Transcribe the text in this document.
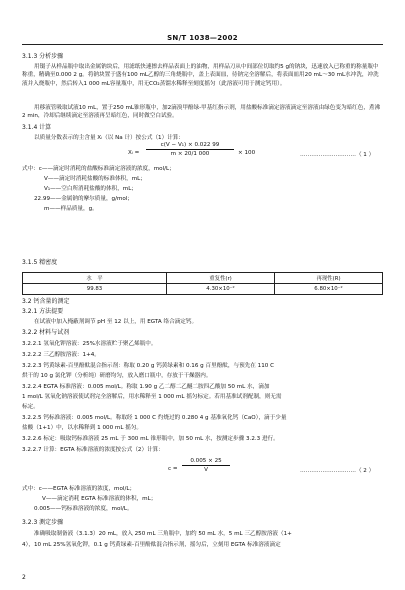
SN/T 1038—2002
3.1.3 分析步骤
用镊子从样品瓶中取出金属钠块后，用滤纸快速擦去样品表面上的油物，用样品刀从中间部位切取约5 g的钠块，迅速放入已称重的称量瓶中称重，精确至0.000 2 g。将钠块置于盛有100 mL乙醇的三角烧瓶中，盖上表面皿，待钠完全溶解后，将表面皿用20 mL～30 mL水冲洗，冲洗液并入烧瓶中，然后转入1 000 mL容量瓶中，用无CO₂蒸馏水稀释至刻度摇匀（此溶液可用于测定钙用）。
用移液管吸取试液10 mL，置于250 mL锥形瓶中，加2滴溴甲酚绿-甲基红指示剂，用盐酸标准滴定溶液滴定至溶液由绿色变为暗红色，煮沸2 min，冷却后继续滴定至溶液再呈暗红色，同时做空白试验。
3.1.4 计算
以质量分数表示的主含量 Xᵢ（以 Na 计）按公式（1）计算：
Xᵢ =
c(V − V₁) × 0.022 99
m × 20/1 000	× 100	…………………………（ 1 ）
式中：c——滴定时消耗的盐酸标准滴定溶液的浓度，mol/L；
V——滴定时消耗盐酸的标准体积，mL；
V₁——空白所消耗盐酸的体积，mL；
22.99——金属钠的摩尔质量，g/mol；
m——样品质量，g。
3.1.5 精密度
水　平	重复性(r)	再现性(R)
99.83	4.30×10⁻²	6.80×10⁻²
3.2 钙含量的测定
3.2.1 方法提要
在试液中加入掩蔽剂调节 pH 至 12 以上，用 EGTA 络合滴定钙。
3.2.2 材料与试剂
3.2.2.1 氢氧化钾溶液：25%水溶液贮于聚乙烯瓶中。
3.2.2.2 三乙醇胺溶液：1+4。
3.2.2.3 钙黄绿素-百里酚酞混合指示剂：称取 0.20 g 钙黄绿素和 0.16 g 百里酚酞，与预先在 110 C
烘干的 10 g 氯化钾（分析纯）研磨均匀，放入磨口瓶中，存放于干燥器内。
3.2.2.4 EGTA 标准溶液：0.005 mol/L。称取 1.90 g 乙二醇二乙醚二胺四乙酸加 50 mL 水，滴加
1 mol/L 氢氧化钠溶液使试剂完全溶解后，用水稀释至 1 000 mL 摇匀标定。若用基准试剂配制，则无需
标定。
3.2.2.5 钙标准溶液：0.005 mol/L。称取经 1 000 C 灼烧过的 0.280 4 g 基准氧化钙（CaO），滴于少量
盐酸（1+1）中，以水稀释到 1 000 mL 摇匀。
3.2.2.6 标定：吸取钙标准溶液 25 mL 于 300 mL 锥形瓶中，加 50 mL 水，按测定步骤 3.2.3 进行。
3.2.2.7 计算：EGTA 标准溶液的浓度按公式（2）计算：
c =
0.005 × 25
V	…………………………（ 2 ）
式中：c——EGTA 标准溶液的浓度，mol/L；
V——滴定消耗 EGTA 标准溶液的体积，mL；
0.005——钙标准溶液的浓度，mol/L。
3.2.3 测定步骤
准确吸取制备液（3.1.3）20 mL，放入 250 mL 三角瓶中，加约 50 mL 水，5 mL 三乙醇胺溶液（1+
4），10 mL 25%氢氧化钾，0.1 g 钙黄绿素-百里酚酞混合指示剂，摇匀后，立刻用 EGTA 标准溶液滴定
2
